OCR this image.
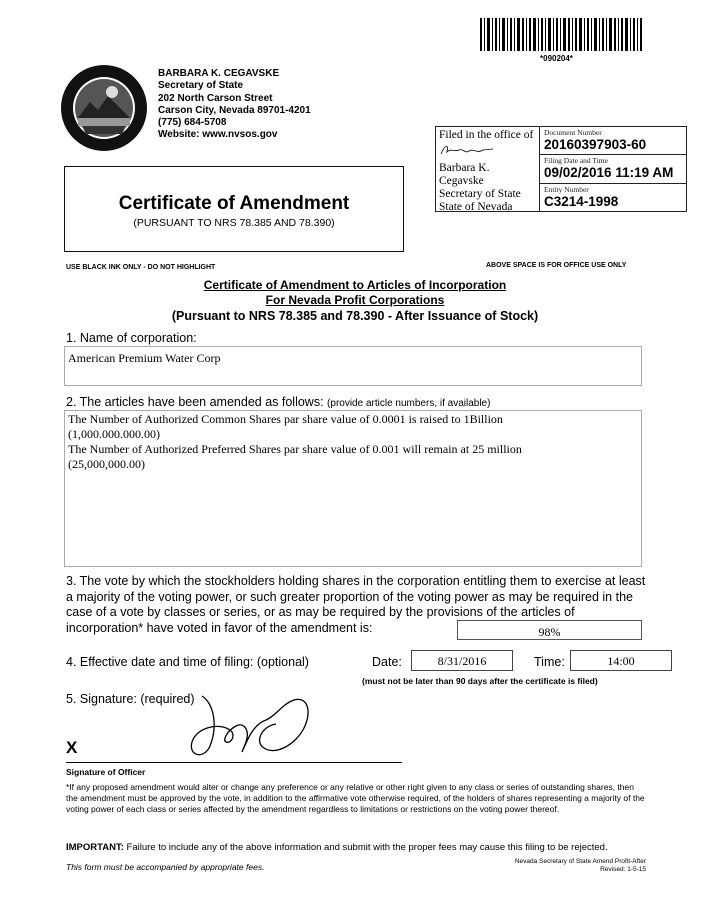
*090204*
BARBARA K. CEGAVSKE
Secretary of State
202 North Carson Street
Carson City, Nevada 89701-4201
(775) 684-5708
Website: www.nvsos.gov	Filed in the office of
Barbara K. Cegavske
Secretary of State
State of Nevada
Document Number
20160397903-60
Filing Date and Time
09/02/2016 11:19 AM
Entity Number
C3214-1998
Certificate of Amendment
(PURSUANT TO NRS 78.385 AND 78.390)
USE BLACK INK ONLY - DO NOT HIGHLIGHT	ABOVE SPACE IS FOR OFFICE USE ONLY
Certificate of Amendment to Articles of Incorporation
For Nevada Profit Corporations
(Pursuant to NRS 78.385 and 78.390 - After Issuance of Stock)
1. Name of corporation:
American Premium Water Corp
2. The articles have been amended as follows: (provide article numbers, if available)
The Number of Authorized Common Shares par share value of 0.0001 is raised to 1Billion
(1,000.000.000.00)
The Number of Authorized Preferred Shares par share value of 0.001 will remain at 25 million
(25,000,000.00)
3. The vote by which the stockholders holding shares in the corporation entitling them to exercise at least a majority of the voting power, or such greater proportion of the voting power as may be required in the case of a vote by classes or series, or as may be required by the provisions of the articles of incorporation* have voted in favor of the amendment is:	98%
4. Effective date and time of filing: (optional)	Date:	8/31/2016	Time:	14:00
(must not be later than 90 days after the certificate is filed)
5. Signature: (required)
X
Signature of Officer
*If any proposed amendment would alter or change any preference or any relative or other right given to any class or series of outstanding shares, then the amendment must be approved by the vote, in addition to the affirmative vote otherwise required, of the holders of shares representing a majority of the voting power of each class or series affected by the amendment regardless to limitations or restrictions on the voting power thereof.
IMPORTANT: Failure to include any of the above information and submit with the proper fees may cause this filing to be rejected.
This form must be accompanied by appropriate fees.
Nevada Secretary of State Amend Profit-After
Revised: 1-5-15
